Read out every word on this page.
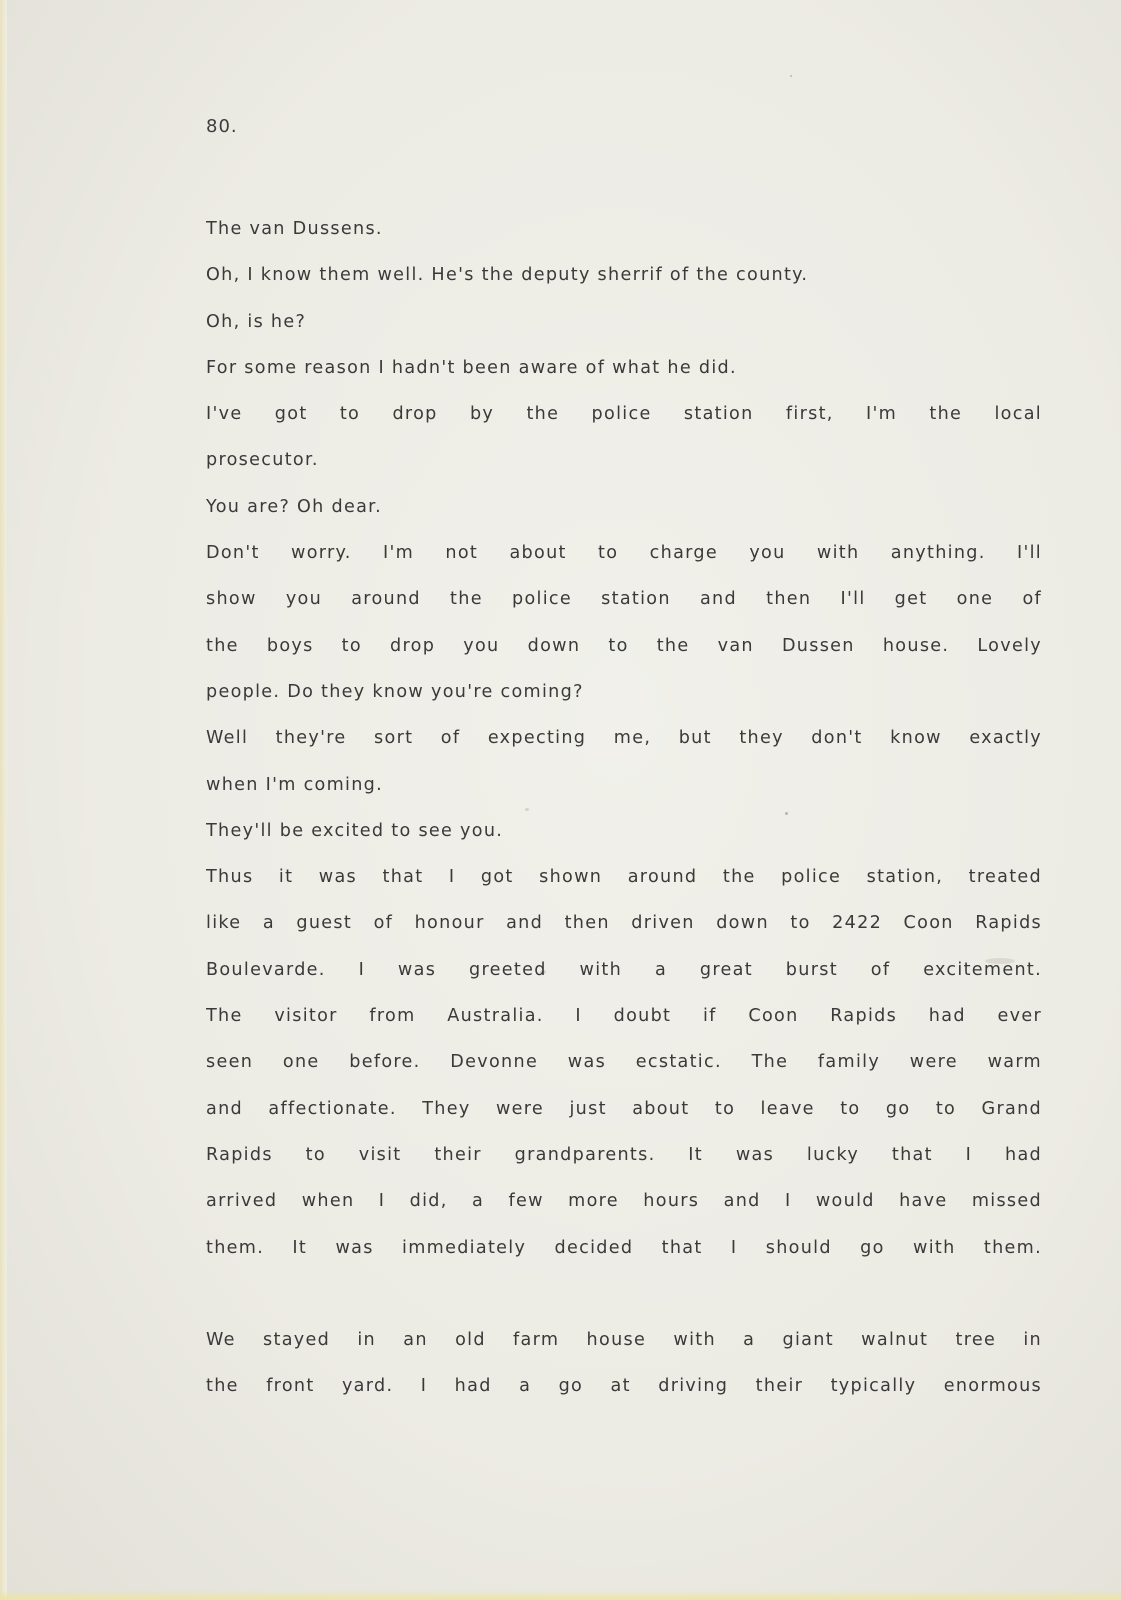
80.
The van Dussens.
Oh, I know them well. He's the deputy sherrif of the county.
Oh, is he?
For some reason I hadn't been aware of what he did.
I've got to drop by the police station first, I'm the local
prosecutor.
You are? Oh dear.
Don't worry. I'm not about to charge you with anything. I'll
show you around the police station and then I'll get one of
the boys to drop you down to the van Dussen house. Lovely
people. Do they know you're coming?
Well they're sort of expecting me, but they don't know exactly
when I'm coming.
They'll be excited to see you.
Thus it was that I got shown around the police station, treated
like a guest of honour and then driven down to 2422 Coon Rapids
Boulevarde. I was greeted with a great burst of excitement.
The visitor from Australia. I doubt if Coon Rapids had ever
seen one before. Devonne was ecstatic. The family were warm
and affectionate. They were just about to leave to go to Grand
Rapids to visit their grandparents. It was lucky that I had
arrived when I did, a few more hours and I would have missed
them. It was immediately decided that I should go with them.
We stayed in an old farm house with a giant walnut tree in
the front yard. I had a go at driving their typically enormous
